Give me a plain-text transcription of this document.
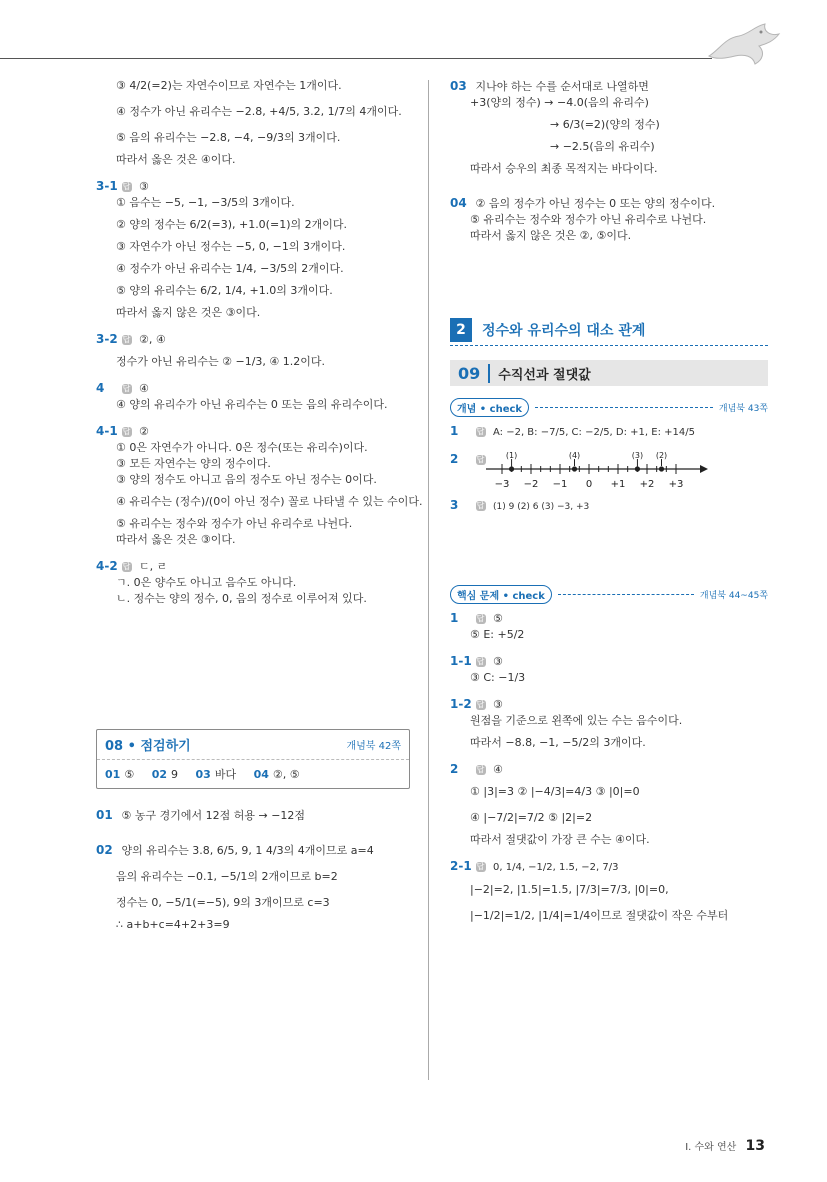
③ 4/2(=2)는 자연수이므로 자연수는 1개이다.
④ 정수가 아닌 유리수는 −2.8, +4/5, 3.2, 1/7의 4개이다.
⑤ 음의 유리수는 −2.8, −4, −9/3의 3개이다.
따라서 옳은 것은 ④이다.
3-1 답 ③
① 음수는 −5, −1, −3/5의 3개이다.
② 양의 정수는 6/2(=3), +1.0(=1)의 2개이다.
③ 자연수가 아닌 정수는 −5, 0, −1의 3개이다.
④ 정수가 아닌 유리수는 1/4, −3/5의 2개이다.
⑤ 양의 유리수는 6/2, 1/4, +1.0의 3개이다.
따라서 옳지 않은 것은 ③이다.
3-2 답 ②, ④
정수가 아닌 유리수는 ② −1/3, ④ 1.2이다.
4 답 ④
④ 양의 유리수가 아닌 유리수는 0 또는 음의 유리수이다.
4-1 답 ②
① 0은 자연수가 아니다. 0은 정수(또는 유리수)이다.
③ 모든 자연수는 양의 정수이다.
③ 양의 정수도 아니고 음의 정수도 아닌 정수는 0이다.
④ 유리수는 (정수)/(0이 아닌 정수) 꼴로 나타낼 수 있는 수이다.
⑤ 유리수는 정수와 정수가 아닌 유리수로 나뉜다.
따라서 옳은 것은 ③이다.
4-2 답 ㄷ, ㄹ
ㄱ. 0은 양수도 아니고 음수도 아니다.
ㄴ. 정수는 양의 정수, 0, 음의 정수로 이루어져 있다.
08 • 점검하기	개념북 42쪽
01 ⑤ 02 9 03 바다 04 ②, ⑤
01 ⑤ 농구 경기에서 12점 허용 → −12점
02 양의 유리수는 3.8, 6/5, 9, 1 4/3의 4개이므로 a=4
음의 유리수는 −0.1, −5/1의 2개이므로 b=2
정수는 0, −5/1(=−5), 9의 3개이므로 c=3
∴ a+b+c=4+2+3=9
03 지나야 하는 수를 순서대로 나열하면
+3(양의 정수) → −4.0(음의 유리수)
→ 6/3(=2)(양의 정수)
→ −2.5(음의 유리수)
따라서 승우의 최종 목적지는 바다이다.
04 ② 음의 정수가 아닌 정수는 0 또는 양의 정수이다.
⑤ 유리수는 정수와 정수가 아닌 유리수로 나뉜다.
따라서 옳지 않은 것은 ②, ⑤이다.
2	정수와 유리수의 대소 관계
09	수직선과 절댓값
개념 • check	개념북 43쪽
1 답 A: −2, B: −7/5, C: −2/5, D: +1, E: +14/5
2 답
−3 −2 −1 0 +1 +2 +3
(1)	(4)	(3) (2)
3 답 (1) 9 (2) 6 (3) −3, +3
핵심 문제 • check	개념북 44~45쪽
1 답 ⑤
⑤ E: +5/2
1-1 답 ③
③ C: −1/3
1-2 답 ③
원점을 기준으로 왼쪽에 있는 수는 음수이다.
따라서 −8.8, −1, −5/2의 3개이다.
2 답 ④
① |3|=3 ② |−4/3|=4/3 ③ |0|=0
④ |−7/2|=7/2 ⑤ |2|=2
따라서 절댓값이 가장 큰 수는 ④이다.
2-1 답 0, 1/4, −1/2, 1.5, −2, 7/3
|−2|=2, |1.5|=1.5, |7/3|=7/3, |0|=0,
|−1/2|=1/2, |1/4|=1/4이므로 절댓값이 작은 수부터
I. 수와 연산 13
